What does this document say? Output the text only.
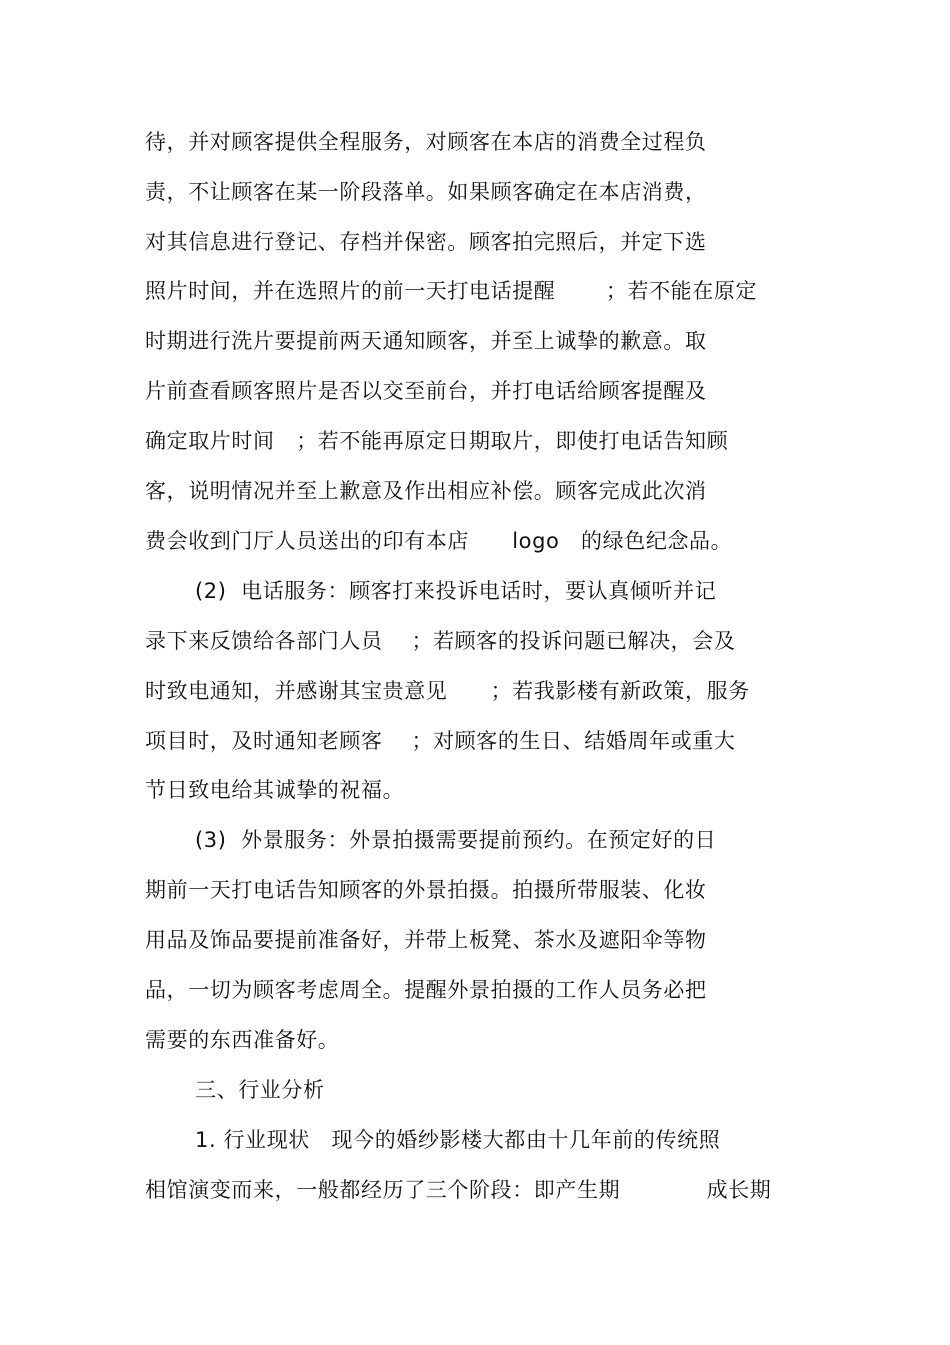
待，并对顾客提供全程服务，对顾客在本店的消费全过程负
责，不让顾客在某一阶段落单。如果顾客确定在本店消费，
对其信息进行登记、存档并保密。顾客拍完照后，并定下选
照片时间，并在选照片的前一天打电话提醒　　 ；若不能在原定
时期进行洗片要提前两天通知顾客，并至上诚挚的歉意。取
片前查看顾客照片是否以交至前台，并打电话给顾客提醒及
确定取片时间　；若不能再原定日期取片，即使打电话告知顾
客，说明情况并至上歉意及作出相应补偿。顾客完成此次消
费会收到门厅人员送出的印有本店　　logo　的绿色纪念品。
(2)  电话服务：顾客打来投诉电话时，要认真倾听并记
录下来反馈给各部门人员　 ；若顾客的投诉问题已解决，会及
时致电通知，并感谢其宝贵意见　　；若我影楼有新政策，服务
项目时，及时通知老顾客　 ；对顾客的生日、结婚周年或重大
节日致电给其诚挚的祝福。
(3)  外景服务：外景拍摄需要提前预约。在预定好的日
期前一天打电话告知顾客的外景拍摄。拍摄所带服装、化妆
用品及饰品要提前准备好，并带上板凳、茶水及遮阳伞等物
品，一切为顾客考虑周全。提醒外景拍摄的工作人员务必把
需要的东西准备好。
三、行业分析
1. 行业现状　现今的婚纱影楼大都由十几年前的传统照
相馆演变而来，一般都经历了三个阶段：即产生期　　　　成长期
